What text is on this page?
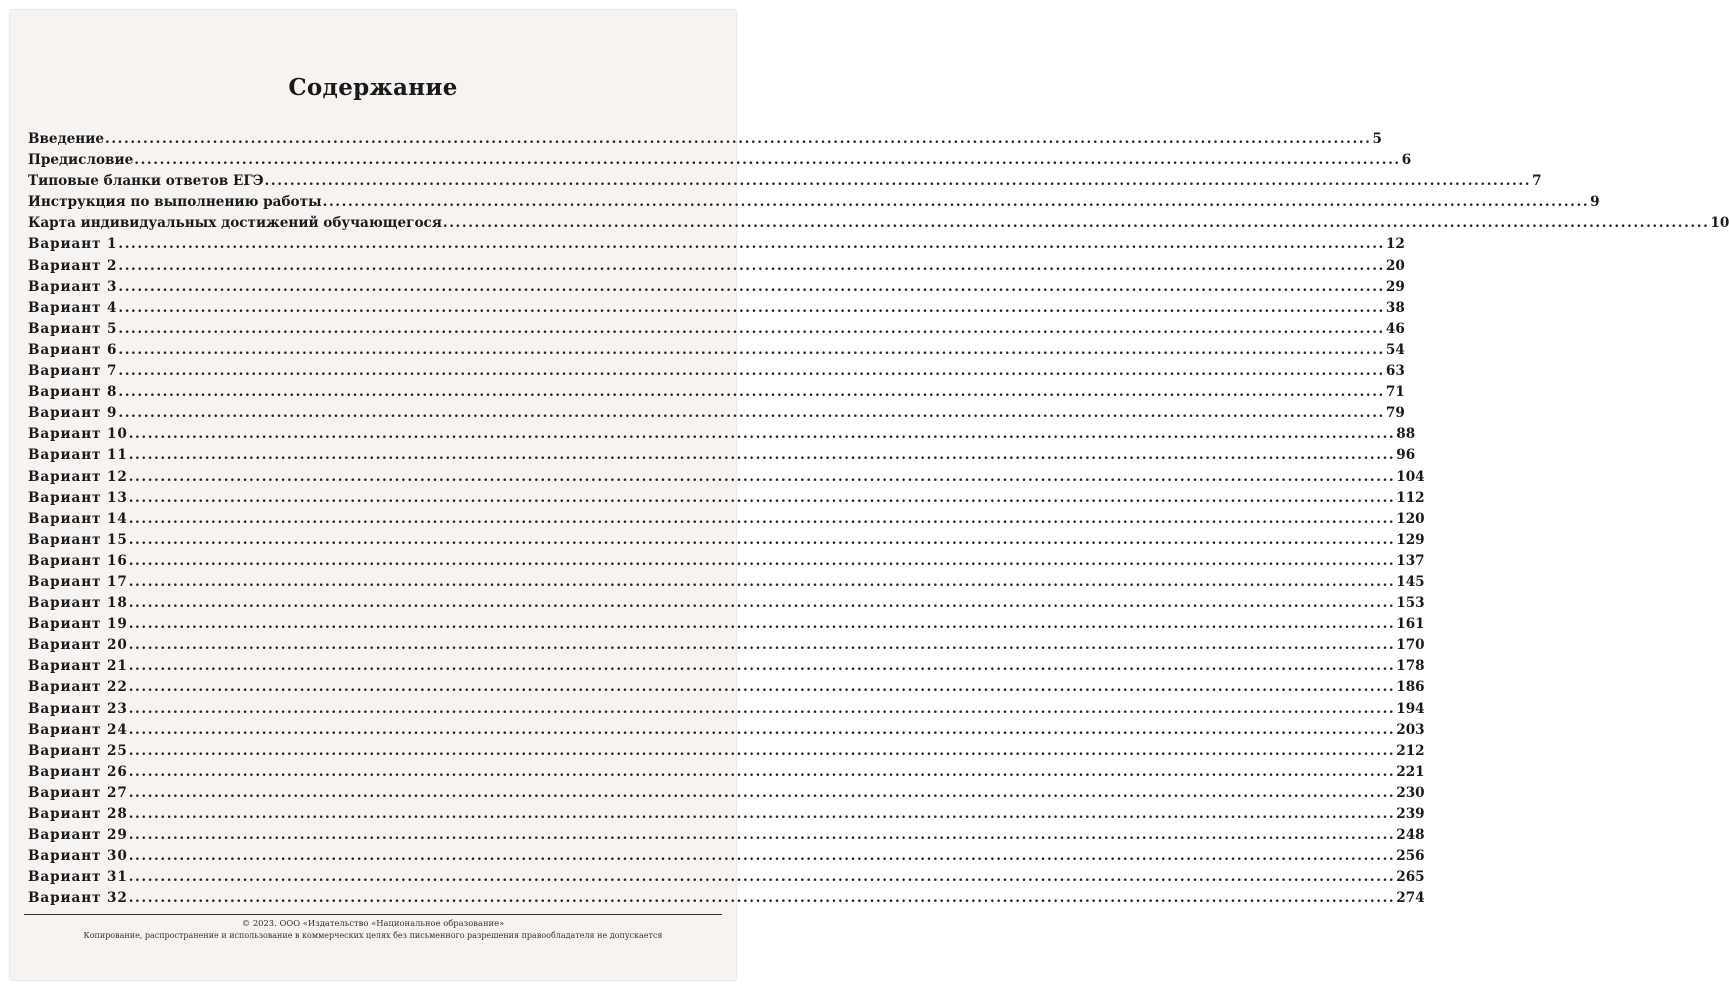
Содержание
Введение ........................................................................................................................................................................................................ 5
Предисловие ........................................................................................................................................................................................................ 6
Типовые бланки ответов ЕГЭ ........................................................................................................................................................................................................ 7
Инструкция по выполнению работы ........................................................................................................................................................................................................ 9
Карта индивидуальных достижений обучающегося ........................................................................................................................................................................................................ 10
Вариант 1 ........................................................................................................................................................................................................ 12
Вариант 2 ........................................................................................................................................................................................................ 20
Вариант 3 ........................................................................................................................................................................................................ 29
Вариант 4 ........................................................................................................................................................................................................ 38
Вариант 5 ........................................................................................................................................................................................................ 46
Вариант 6 ........................................................................................................................................................................................................ 54
Вариант 7 ........................................................................................................................................................................................................ 63
Вариант 8 ........................................................................................................................................................................................................ 71
Вариант 9 ........................................................................................................................................................................................................ 79
Вариант 10 ........................................................................................................................................................................................................ 88
Вариант 11 ........................................................................................................................................................................................................ 96
Вариант 12 ........................................................................................................................................................................................................ 104
Вариант 13 ........................................................................................................................................................................................................ 112
Вариант 14 ........................................................................................................................................................................................................ 120
Вариант 15 ........................................................................................................................................................................................................ 129
Вариант 16 ........................................................................................................................................................................................................ 137
Вариант 17 ........................................................................................................................................................................................................ 145
Вариант 18 ........................................................................................................................................................................................................ 153
Вариант 19 ........................................................................................................................................................................................................ 161
Вариант 20 ........................................................................................................................................................................................................ 170
Вариант 21 ........................................................................................................................................................................................................ 178
Вариант 22 ........................................................................................................................................................................................................ 186
Вариант 23 ........................................................................................................................................................................................................ 194
Вариант 24 ........................................................................................................................................................................................................ 203
Вариант 25 ........................................................................................................................................................................................................ 212
Вариант 26 ........................................................................................................................................................................................................ 221
Вариант 27 ........................................................................................................................................................................................................ 230
Вариант 28 ........................................................................................................................................................................................................ 239
Вариант 29 ........................................................................................................................................................................................................ 248
Вариант 30 ........................................................................................................................................................................................................ 256
Вариант 31 ........................................................................................................................................................................................................ 265
Вариант 32 ........................................................................................................................................................................................................ 274
© 2023. ООО «Издательство «Национальное образование»
Копирование, распространение и использование в коммерческих целях без письменного разрешения правообладателя не допускается
